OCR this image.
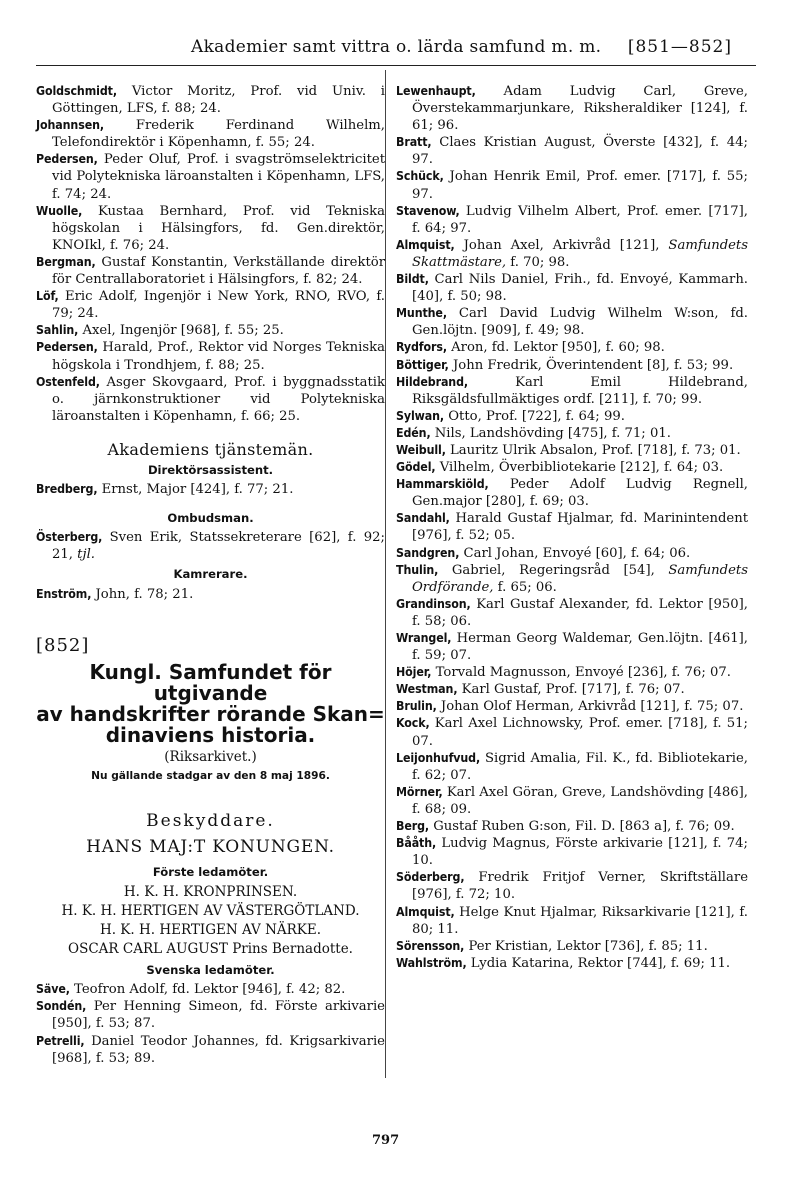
Akademier samt vittra o. lärda samfund m. m. [851—852]
Goldschmidt, Victor Moritz, Prof. vid Univ. i Göttingen, LFS, f. 88; 24.
Johannsen, Frederik Ferdinand Wilhelm, Telefondirektör i Köpenhamn, f. 55; 24.
Pedersen, Peder Oluf, Prof. i svagströmselektricitet vid Polytekniska läroanstalten i Köpenhamn, LFS, f. 74; 24.
Wuolle, Kustaa Bernhard, Prof. vid Tekniska högskolan i Hälsingfors, fd. Gen.direktör, KNOIkl, f. 76; 24.
Bergman, Gustaf Konstantin, Verkställande direktör för Centrallaboratoriet i Hälsingfors, f. 82; 24.
Löf, Eric Adolf, Ingenjör i New York, RNO, RVO, f. 79; 24.
Sahlin, Axel, Ingenjör [968], f. 55; 25.
Pedersen, Harald, Prof., Rektor vid Norges Tekniska högskola i Trondhjem, f. 88; 25.
Ostenfeld, Asger Skovgaard, Prof. i byggnadsstatik o. järnkonstruktioner vid Polytekniska läroanstalten i Köpenhamn, f. 66; 25.
Akademiens tjänstemän.
Direktörsassistent.
Bredberg, Ernst, Major [424], f. 77; 21.
Ombudsman.
Österberg, Sven Erik, Statssekreterare [62], f. 92; 21, tjl.
Kamrerare.
Enström, John, f. 78; 21.
[852]
Kungl. Samfundet för utgivande
av handskrifter rörande Skan=
dinaviens historia.
(Riksarkivet.)
Nu gällande stadgar av den 8 maj 1896.
Beskyddare.
HANS MAJ:T KONUNGEN.
Förste ledamöter.
H. K. H. KRONPRINSEN.
H. K. H. HERTIGEN AV VÄSTERGÖTLAND.
H. K. H. HERTIGEN AV NÄRKE.
OSCAR CARL AUGUST Prins Bernadotte.
Svenska ledamöter.
Säve, Teofron Adolf, fd. Lektor [946], f. 42; 82.
Sondén, Per Henning Simeon, fd. Förste arkivarie [950], f. 53; 87.
Petrelli, Daniel Teodor Johannes, fd. Krigsarkivarie [968], f. 53; 89.
Lewenhaupt, Adam Ludvig Carl, Greve, Överstekammarjunkare, Riksheraldiker [124], f. 61; 96.
Bratt, Claes Kristian August, Överste [432], f. 44; 97.
Schück, Johan Henrik Emil, Prof. emer. [717], f. 55; 97.
Stavenow, Ludvig Vilhelm Albert, Prof. emer. [717], f. 64; 97.
Almquist, Johan Axel, Arkivråd [121], Samfundets Skattmästare, f. 70; 98.
Bildt, Carl Nils Daniel, Frih., fd. Envoyé, Kammarh. [40], f. 50; 98.
Munthe, Carl David Ludvig Wilhelm W:son, fd. Gen.löjtn. [909], f. 49; 98.
Rydfors, Aron, fd. Lektor [950], f. 60; 98.
Böttiger, John Fredrik, Överintendent [8], f. 53; 99.
Hildebrand, Karl Emil Hildebrand, Riksgäldsfullmäktiges ordf. [211], f. 70; 99.
Sylwan, Otto, Prof. [722], f. 64; 99.
Edén, Nils, Landshövding [475], f. 71; 01.
Weibull, Lauritz Ulrik Absalon, Prof. [718], f. 73; 01.
Gödel, Vilhelm, Överbibliotekarie [212], f. 64; 03.
Hammarskiöld, Peder Adolf Ludvig Regnell, Gen.major [280], f. 69; 03.
Sandahl, Harald Gustaf Hjalmar, fd. Marinintendent [976], f. 52; 05.
Sandgren, Carl Johan, Envoyé [60], f. 64; 06.
Thulin, Gabriel, Regeringsråd [54], Samfundets Ordförande, f. 65; 06.
Grandinson, Karl Gustaf Alexander, fd. Lektor [950], f. 58; 06.
Wrangel, Herman Georg Waldemar, Gen.löjtn. [461], f. 59; 07.
Höjer, Torvald Magnusson, Envoyé [236], f. 76; 07.
Westman, Karl Gustaf, Prof. [717], f. 76; 07.
Brulin, Johan Olof Herman, Arkivråd [121], f. 75; 07.
Kock, Karl Axel Lichnowsky, Prof. emer. [718], f. 51; 07.
Leijonhufvud, Sigrid Amalia, Fil. K., fd. Bibliotekarie, f. 62; 07.
Mörner, Karl Axel Göran, Greve, Landshövding [486], f. 68; 09.
Berg, Gustaf Ruben G:son, Fil. D. [863 a], f. 76; 09.
Bååth, Ludvig Magnus, Förste arkivarie [121], f. 74; 10.
Söderberg, Fredrik Fritjof Verner, Skriftställare [976], f. 72; 10.
Almquist, Helge Knut Hjalmar, Riksarkivarie [121], f. 80; 11.
Sörensson, Per Kristian, Lektor [736], f. 85; 11.
Wahlström, Lydia Katarina, Rektor [744], f. 69; 11.
797
